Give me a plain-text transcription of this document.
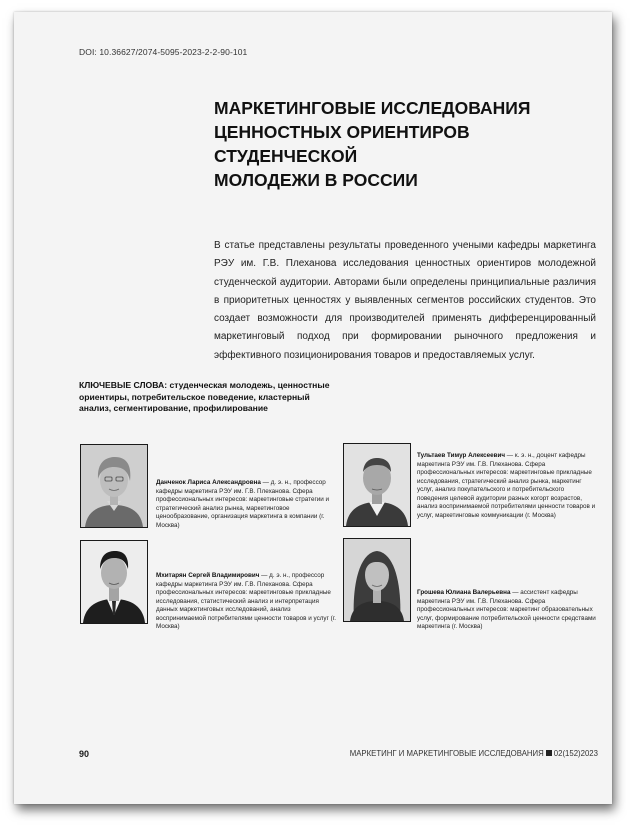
DOI: 10.36627/2074-5095-2023-2-2-90-101
МАРКЕТИНГОВЫЕ ИССЛЕДОВАНИЯ
ЦЕННОСТНЫХ ОРИЕНТИРОВ СТУДЕНЧЕСКОЙ
МОЛОДЕЖИ В РОССИИ
В статье представлены результаты проведенного учеными кафедры маркетинга РЭУ им. Г.В. Плеханова исследования ценностных ориентиров молодежной студенческой аудитории. Авторами были определены принципиальные различия в приоритетных ценностях у выявленных сегментов российских студентов. Это создает возможности для производителей применять дифференцированный маркетинговый подход при формировании рыночного предложения и эффективного позиционирования товаров и предоставляемых услуг.
КЛЮЧЕВЫЕ СЛОВА: студенческая молодежь, ценностные ориентиры, потребительское поведение, кластерный анализ, сегментирование, профилирование
Данченок Лариса Александровна — д. э. н., профессор кафедры маркетинга РЭУ им. Г.В. Плеханова. Сфера профессиональных интересов: маркетинговые стратегии и стратегический анализ рынка, маркетинговое ценообразование, организация маркетинга в компании (г. Москва)
Тультаев Тимур Алексеевич — к. э. н., доцент кафедры маркетинга РЭУ им. Г.В. Плеханова. Сфера профессиональных интересов: маркетинговые прикладные исследования, стратегический анализ рынка, маркетинг услуг, анализ покупательского и потребительского поведения целевой аудитории разных когорт возрастов, анализ воспринимаемой потребителями ценности товаров и услуг, маркетинговые коммуникации (г. Москва)
Мхитарян Сергей Владимирович — д. э. н., профессор кафедры маркетинга РЭУ им. Г.В. Плеханова. Сфера профессиональных интересов: маркетинговые прикладные исследования, статистический анализ и интерпретация данных маркетинговых исследований, анализ воспринимаемой потребителями ценности товаров и услуг (г. Москва)
Грошева Юлиана Валерьевна — ассистент кафедры маркетинга РЭУ им. Г.В. Плеханова. Сфера профессиональных интересов: маркетинг образовательных услуг, формирование потребительской ценности средствами маркетинга (г. Москва)
90	МАРКЕТИНГ И МАРКЕТИНГОВЫЕ ИССЛЕДОВАНИЯ 02(152)2023
